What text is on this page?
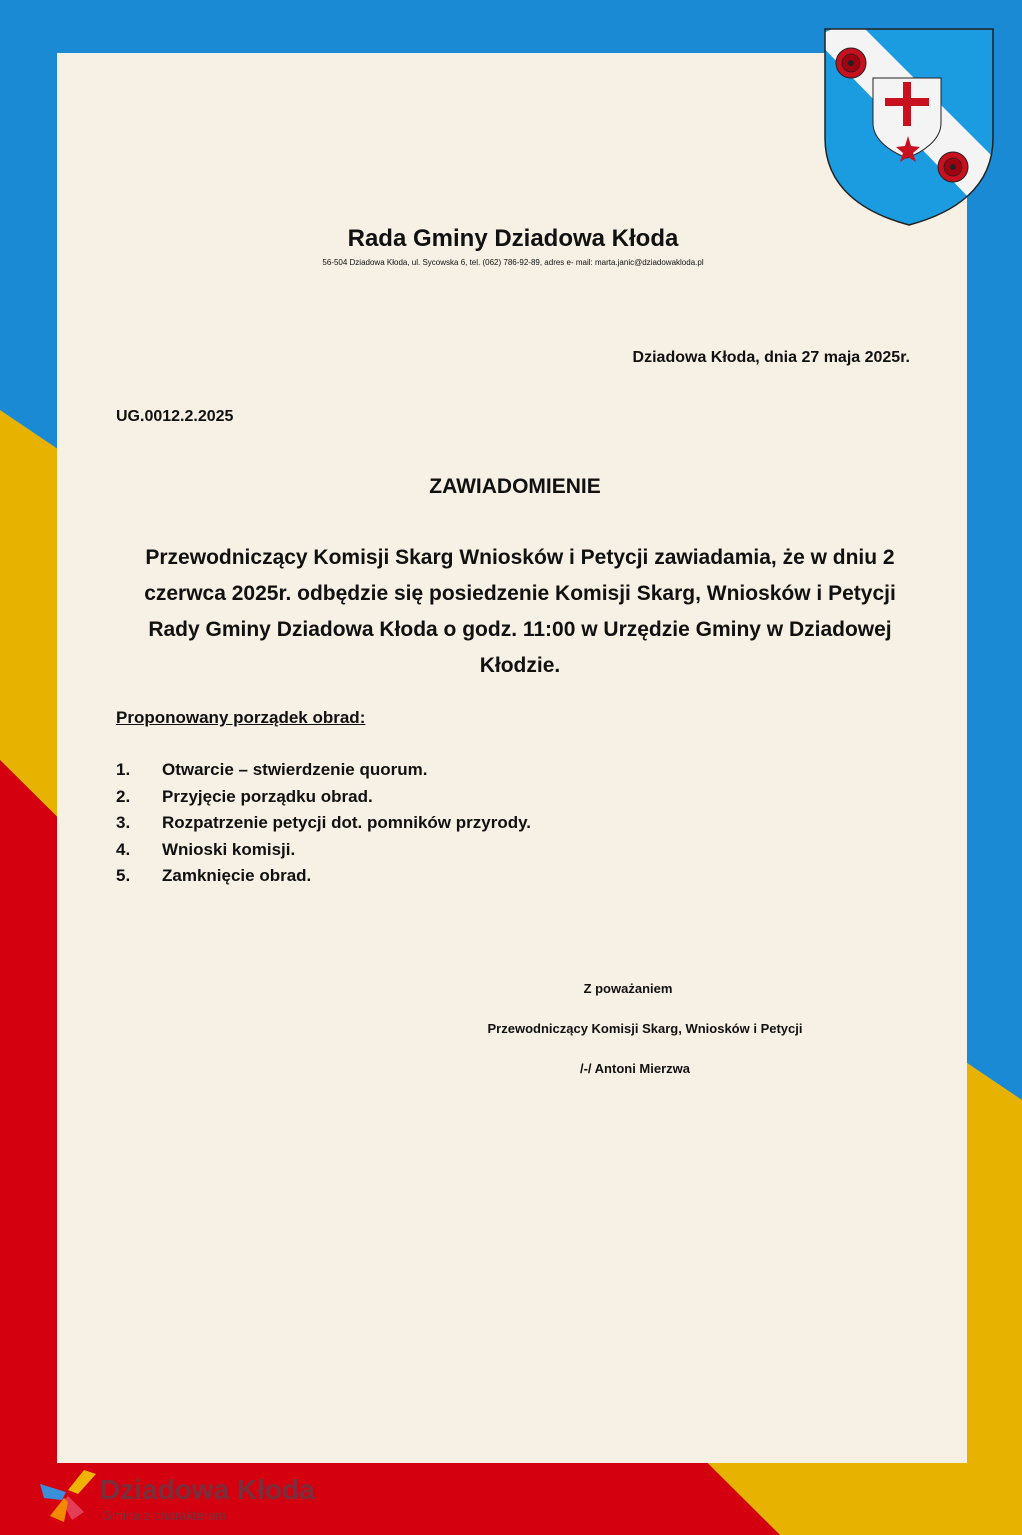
Rada Gminy Dziadowa Kłoda
56-504 Dziadowa Kłoda, ul. Sycowska 6, tel. (062) 786-92-89, adres e- mail: marta.janic@dziadowakloda.pl
Dziadowa Kłoda, dnia 27 maja 2025r.
UG.0012.2.2025
ZAWIADOMIENIE
Przewodniczący Komisji Skarg Wniosków i Petycji zawiadamia, że w dniu 2 czerwca 2025r. odbędzie się posiedzenie Komisji Skarg, Wniosków i Petycji Rady Gminy Dziadowa Kłoda o godz. 11:00 w Urzędzie Gminy w Dziadowej Kłodzie.
Proponowany porządek obrad:
1. Otwarcie – stwierdzenie quorum.
2. Przyjęcie porządku obrad.
3. Rozpatrzenie petycji dot. pomników przyrody.
4. Wnioski komisji.
5. Zamknięcie obrad.
Z poważaniem
Przewodniczący Komisji Skarg, Wniosków i Petycji
/-/ Antoni Mierzwa
Dziadowa Kłoda
Gmina z charakterem
